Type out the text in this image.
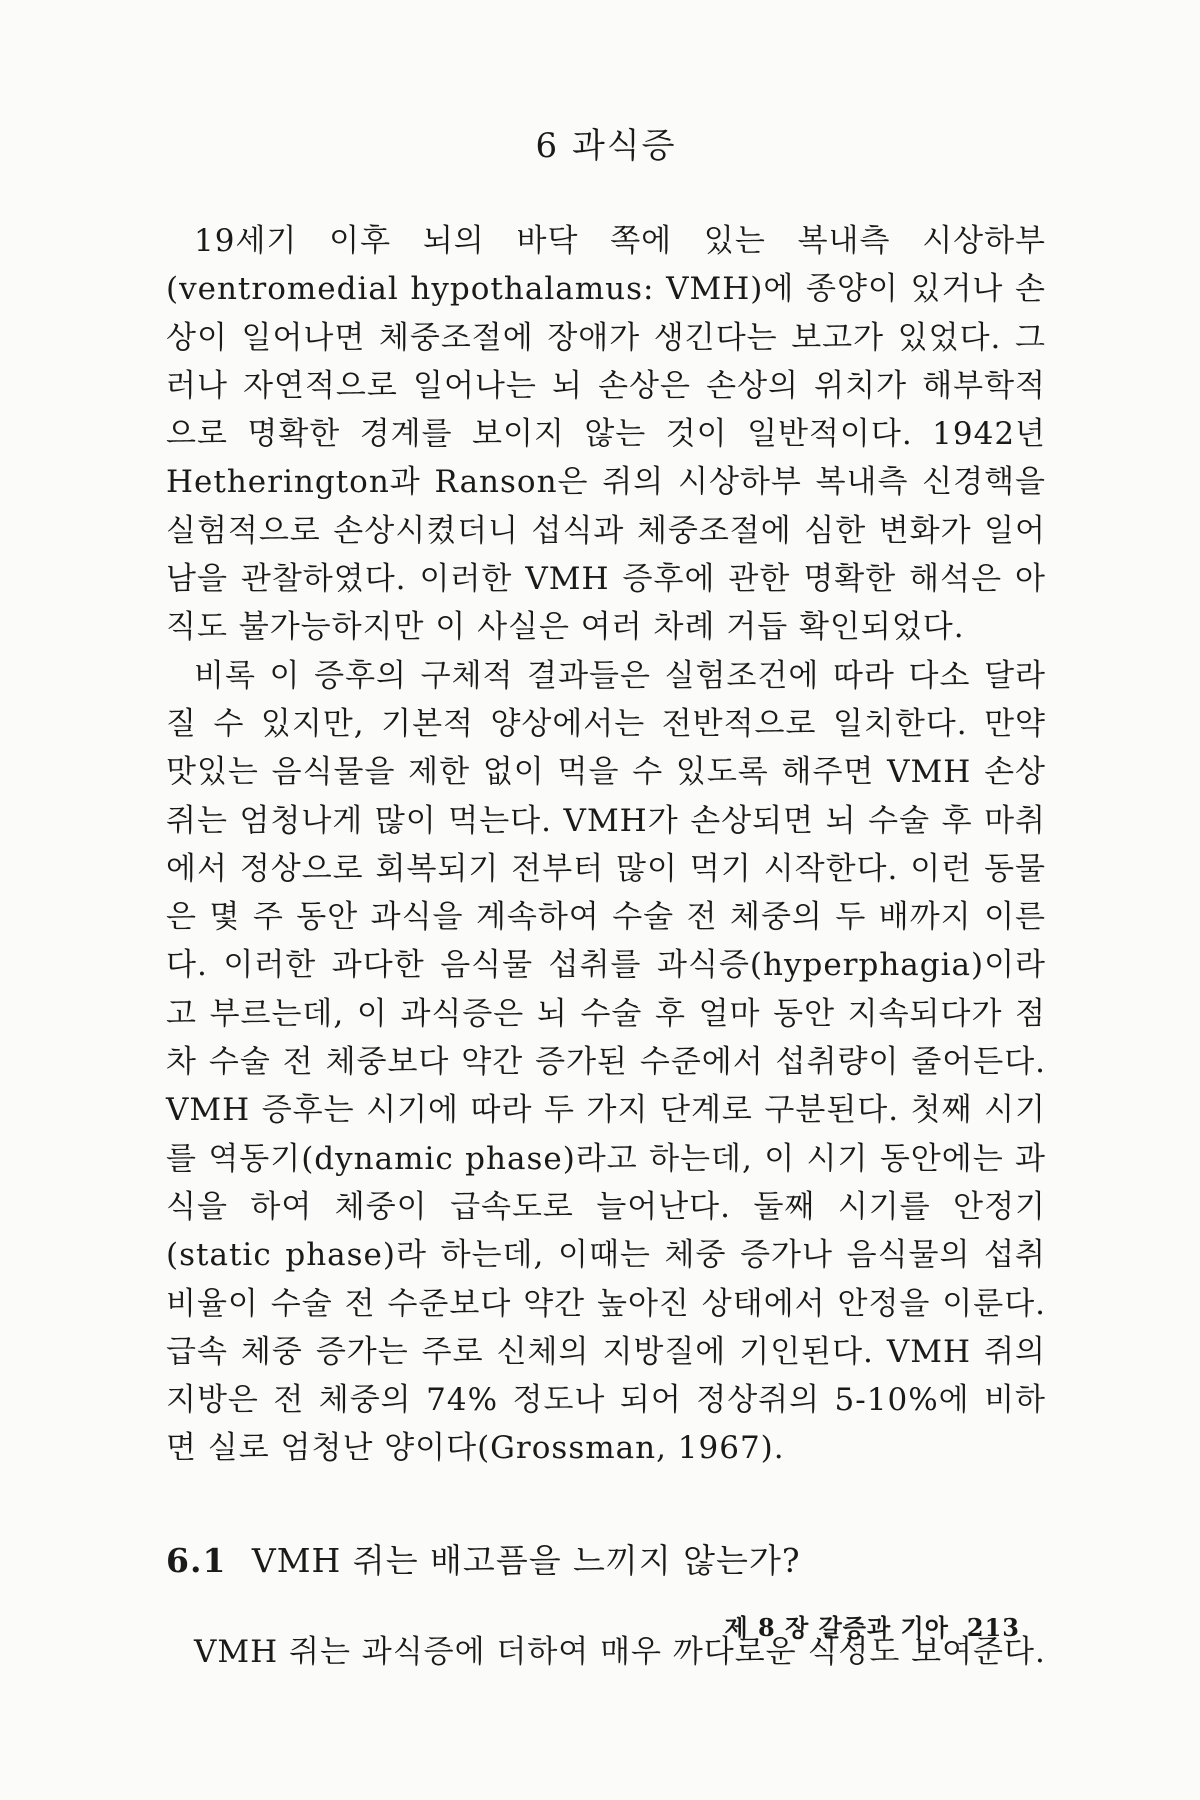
6 과식증

19세기 이후 뇌의 바닥 쪽에 있는 복내측 시상하부(ventromedial hypothalamus: VMH)에 종양이 있거나 손상이 일어나면 체중조절에 장애가 생긴다는 보고가 있었다. 그러나 자연적으로 일어나는 뇌 손상은 손상의 위치가 해부학적으로 명확한 경계를 보이지 않는 것이 일반적이다. 1942년 Hetherington과 Ranson은 쥐의 시상하부 복내측 신경핵을 실험적으로 손상시켰더니 섭식과 체중조절에 심한 변화가 일어남을 관찰하였다. 이러한 VMH 증후에 관한 명확한 해석은 아직도 불가능하지만 이 사실은 여러 차례 거듭 확인되었다.

비록 이 증후의 구체적 결과들은 실험조건에 따라 다소 달라질 수 있지만, 기본적 양상에서는 전반적으로 일치한다. 만약 맛있는 음식물을 제한 없이 먹을 수 있도록 해주면 VMH 손상 쥐는 엄청나게 많이 먹는다. VMH가 손상되면 뇌 수술 후 마취에서 정상으로 회복되기 전부터 많이 먹기 시작한다. 이런 동물은 몇 주 동안 과식을 계속하여 수술 전 체중의 두 배까지 이른다. 이러한 과다한 음식물 섭취를 과식증(hyperphagia)이라고 부르는데, 이 과식증은 뇌 수술 후 얼마 동안 지속되다가 점차 수술 전 체중보다 약간 증가된 수준에서 섭취량이 줄어든다. VMH 증후는 시기에 따라 두 가지 단계로 구분된다. 첫째 시기를 역동기(dynamic phase)라고 하는데, 이 시기 동안에는 과식을 하여 체중이 급속도로 늘어난다. 둘째 시기를 안정기(static phase)라 하는데, 이때는 체중 증가나 음식물의 섭취비율이 수술 전 수준보다 약간 높아진 상태에서 안정을 이룬다. 급속 체중 증가는 주로 신체의 지방질에 기인된다. VMH 쥐의 지방은 전 체중의 74% 정도나 되어 정상쥐의 5-10%에 비하면 실로 엄청난 양이다(Grossman, 1967).

6.1 VMH 쥐는 배고픔을 느끼지 않는가?

VMH 쥐는 과식증에 더하여 매우 까다로운 식성도 보여준다.

제 8 장 갈증과 기아 213
